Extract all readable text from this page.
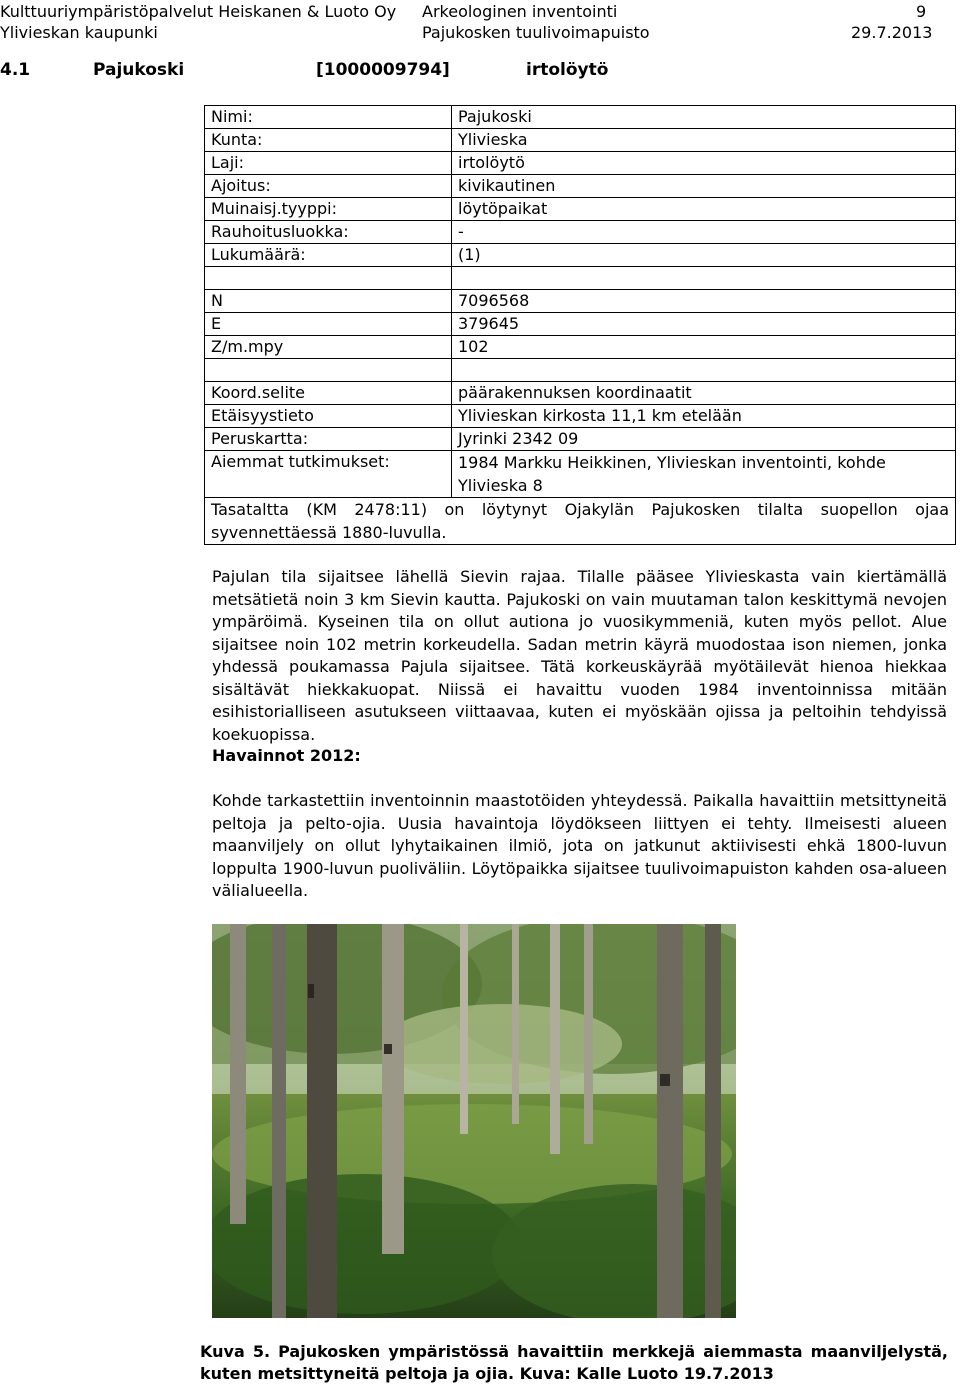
Kulttuuriympäristöpalvelut Heiskanen & Luoto Oy
Ylivieskan kaupunki
Arkeologinen inventointi
Pajukosken tuulivoimapuisto
9
29.7.2013
4.1	Pajukoski	[1000009794]	irtolöytö
Nimi:	Pajukoski
Kunta:	Ylivieska
Laji:	irtolöytö
Ajoitus:	kivikautinen
Muinaisj.tyyppi:	löytöpaikat
Rauhoitusluokka:	-
Lukumäärä:	(1)

N	7096568
E	379645
Z/m.mpy	102

Koord.selite	päärakennuksen koordinaatit
Etäisyystieto	Ylivieskan kirkosta 11,1 km etelään
Peruskartta:	Jyrinki 2342 09
Aiemmat tutkimukset:	1984 Markku Heikkinen, Ylivieskan inventointi, kohde Ylivieska 8
Tasataltta (KM 2478:11) on löytynyt Ojakylän Pajukosken tilalta suopellon ojaa syvennettäessä 1880-luvulla.	
Pajulan tila sijaitsee lähellä Sievin rajaa. Tilalle pääsee Ylivieskasta vain kiertämällä metsätietä noin 3 km Sievin kautta. Pajukoski on vain muutaman talon keskittymä nevojen ympäröimä. Kyseinen tila on ollut autiona jo vuosikymmeniä, kuten myös pellot. Alue sijaitsee noin 102 metrin korkeudella. Sadan metrin käyrä muodostaa ison niemen, jonka yhdessä poukamassa Pajula sijaitsee. Tätä korkeuskäyrää myötäilevät hienoa hiekkaa sisältävät hiekkakuopat. Niissä ei havaittu vuoden 1984 inventoinnissa mitään esihistorialliseen asutukseen viittaavaa, kuten ei myöskään ojissa ja peltoihin tehdyissä koekuopissa.
Havainnot 2012:
Kohde tarkastettiin inventoinnin maastotöiden yhteydessä. Paikalla havaittiin metsittyneitä peltoja ja pelto-ojia. Uusia havaintoja löydökseen liittyen ei tehty. Ilmeisesti alueen maanviljely on ollut lyhytaikainen ilmiö, jota on jatkunut aktiivisesti ehkä 1800-luvun loppulta 1900-luvun puoliväliin. Löytöpaikka sijaitsee tuulivoimapuiston kahden osa-alueen välialueella.
Kuva 5. Pajukosken ympäristössä havaittiin merkkejä aiemmasta maanviljelystä, kuten metsittyneitä peltoja ja ojia. Kuva: Kalle Luoto 19.7.2013
